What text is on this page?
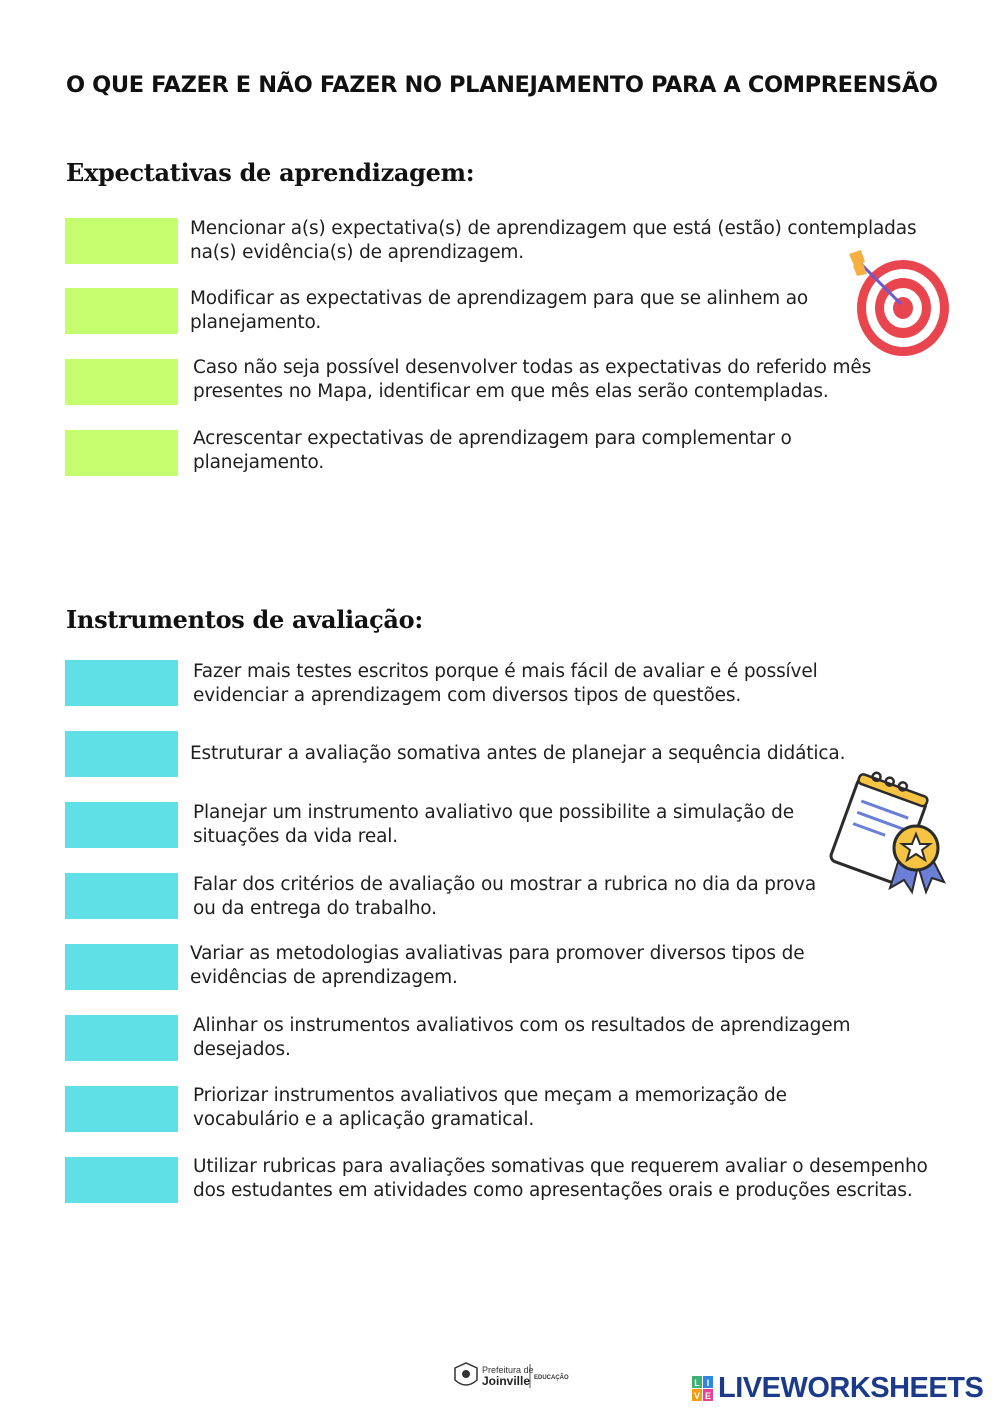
O QUE FAZER E NÃO FAZER NO PLANEJAMENTO PARA A COMPREENSÃO
Expectativas de aprendizagem:
Mencionar a(s) expectativa(s) de aprendizagem que está (estão) contempladas
na(s) evidência(s) de aprendizagem.
Modificar as expectativas de aprendizagem para que se alinhem ao
planejamento.
Caso não seja possível desenvolver todas as expectativas do referido mês
presentes no Mapa, identificar em que mês elas serão contempladas.
Acrescentar expectativas de aprendizagem para complementar o
planejamento.
Instrumentos de avaliação:
Fazer mais testes escritos porque é mais fácil de avaliar e é possível
evidenciar a aprendizagem com diversos tipos de questões.
Estruturar a avaliação somativa antes de planejar a sequência didática.
Planejar um instrumento avaliativo que possibilite a simulação de
situações da vida real.
Falar dos critérios de avaliação ou mostrar a rubrica no dia da prova
ou da entrega do trabalho.
Variar as metodologias avaliativas para promover diversos tipos de
evidências de aprendizagem.
Alinhar os instrumentos avaliativos com os resultados de aprendizagem
desejados.
Priorizar instrumentos avaliativos que meçam a memorização de
vocabulário e a aplicação gramatical.
Utilizar rubricas para avaliações somativas que requerem avaliar o desempenho
dos estudantes em atividades como apresentações orais e produções escritas.
Prefeitura de
Joinville EDUCAÇÃO	L I
V E LIVEWORKSHEETS
